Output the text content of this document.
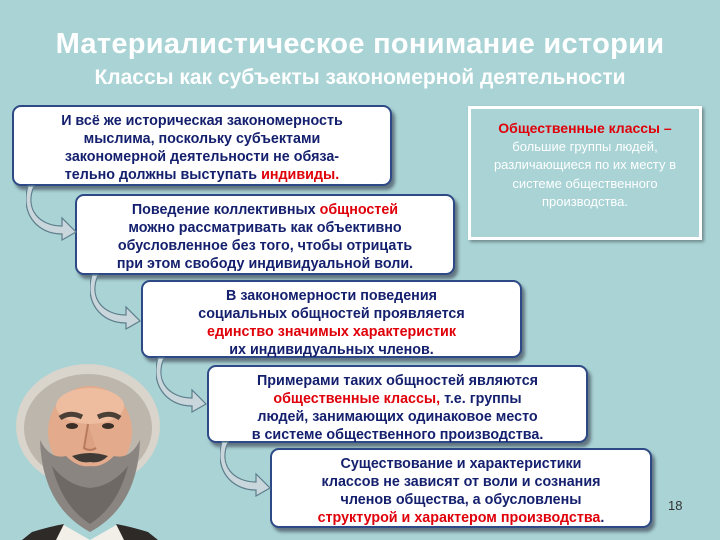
Материалистическое понимание истории
Классы как субъекты закономерной деятельности
И всё же историческая закономерность
мыслима, поскольку субъектами
закономерной деятельности не обяза-
тельно должны выступать индивиды.
Поведение коллективных общностей
можно рассматривать как объективно
обусловленное без того, чтобы отрицать
при этом свободу индивидуальной воли.
В закономерности поведения
социальных общностей проявляется
единство значимых характеристик
их индивидуальных членов.
Примерами таких общностей являются
общественные классы, т.е. группы
людей, занимающих одинаковое место
в системе общественного производства.
Существование и характеристики
классов не зависят от воли и сознания
членов общества, а обусловлены
структурой и характером производства.
Общественные классы –
большие группы людей, различающиеся по их месту в системе общественного производства.
18
